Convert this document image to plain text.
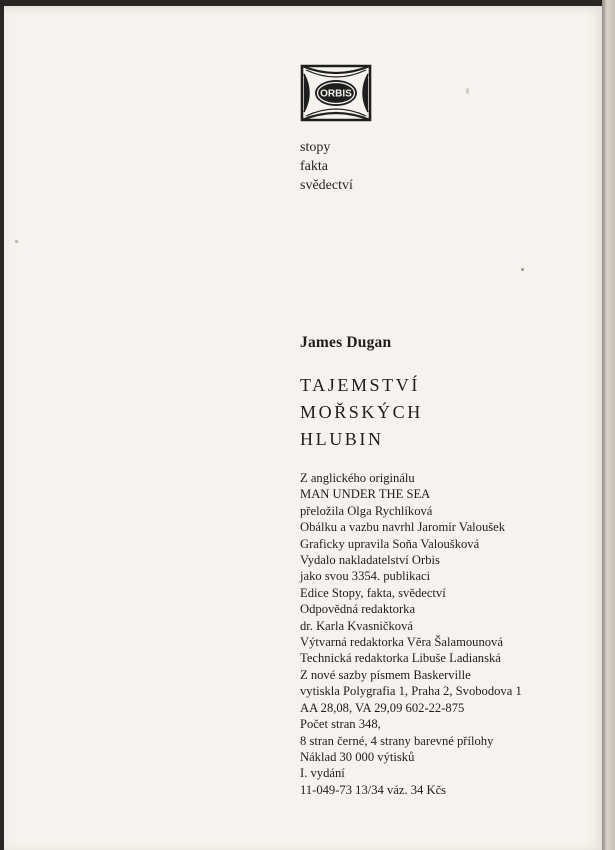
ORBIS
stopy
fakta
svědectví
James Dugan
TAJEMSTVÍ
MOŘSKÝCH
HLUBIN
Z anglického originálu
MAN UNDER THE SEA
přeložila Olga Rychlíková
Obálku a vazbu navrhl Jaromír Valoušek
Graficky upravila Soňa Valoušková
Vydalo nakladatelství Orbis
jako svou 3354. publikaci
Edice Stopy, fakta, svědectví
Odpovědná redaktorka
dr. Karla Kvasničková
Výtvarná redaktorka Věra Šalamounová
Technická redaktorka Libuše Ladianská
Z nové sazby písmem Baskerville
vytiskla Polygrafia 1, Praha 2, Svobodova 1
AA 28,08, VA 29,09 602-22-875
Počet stran 348,
8 stran černé, 4 strany barevné přílohy
Náklad 30 000 výtisků
I. vydání
11-049-73 13/34 váz. 34 Kčs
